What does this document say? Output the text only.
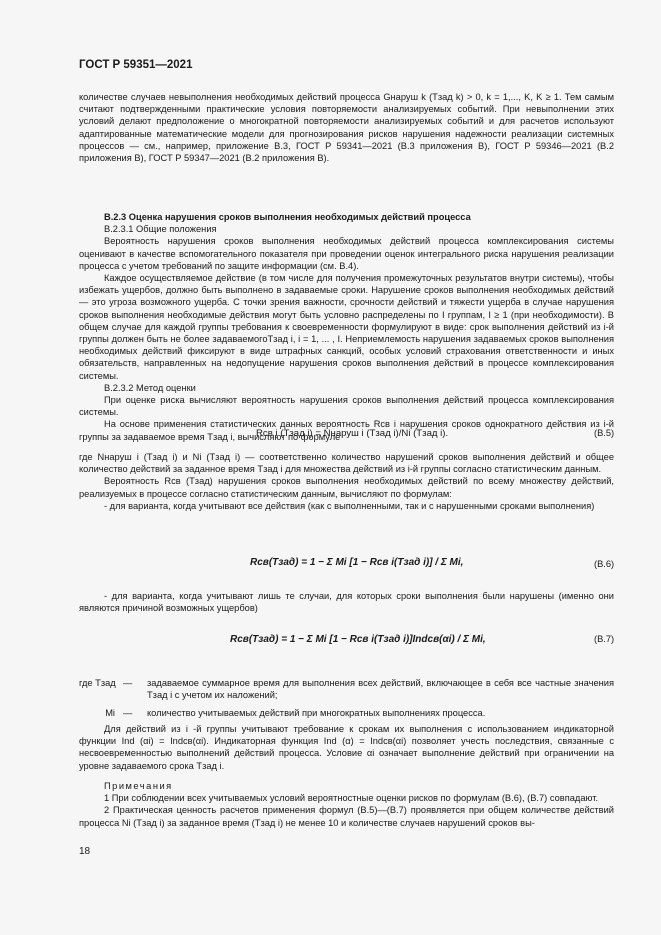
ГОСТ Р 59351—2021

количестве случаев невыполнения необходимых действий процесса Gнаруш k (Tзад k) > 0, k = 1,..., K, K ≥ 1. Тем самым считают подтвержденными практические условия повторяемости анализируемых событий. При невыполнении этих условий делают предположение о многократной повторяемости анализируемых событий и для расчетов используют адаптированные математические модели для прогнозирования рисков нарушения надежности реализации системных процессов — см., например, приложение В.3, ГОСТ Р 59341—2021 (В.3 приложения В), ГОСТ Р 59346—2021 (В.2 приложения В), ГОСТ Р 59347—2021 (В.2 приложения В).

В.2.3 Оценка нарушения сроков выполнения необходимых действий процесса

В.2.3.1 Общие положения

Вероятность нарушения сроков выполнения необходимых действий процесса комплексирования системы оценивают в качестве вспомогательного показателя при проведении оценок интегрального риска нарушения реализации процесса с учетом требований по защите информации (см. В.4).

Каждое осуществляемое действие (в том числе для получения промежуточных результатов внутри системы), чтобы избежать ущербов, должно быть выполнено в задаваемые сроки. Нарушение сроков выполнения необходимых действий — это угроза возможного ущерба. С точки зрения важности, срочности действий и тяжести ущерба в случае нарушения сроков выполнения необходимые действия могут быть условно распределены по I группам, I ≥ 1 (при необходимости). В общем случае для каждой группы требования к своевременности формулируют в виде: срок выполнения действий из i-й группы должен быть не более задаваемогоTзад i, i = 1, ... , I. Неприемлемость нарушения задаваемых сроков выполнения необходимых действий фиксируют в виде штрафных санкций, особых условий страхования ответственности и иных обязательств, направленных на недопущение нарушения сроков выполнения действий в процессе комплексирования системы.

В.2.3.2 Метод оценки

При оценке риска вычисляют вероятность нарушения сроков выполнения действий процесса комплексирования системы.

На основе применения статистических данных вероятность Rсв i нарушения сроков однократного действия из i-й группы за задаваемое время Tзад i, вычисляют по формуле

Rсв i (Tзад i) = Nнаруш i (Tзад i)/Ni (Tзад i).	(В.5)

где Nнаруш i (Tзад i) и Ni (Tзад i) — соответственно количество нарушений сроков выполнения действий и общее количество действий за заданное время Tзад i для множества действий из i-й группы согласно статистическим данным.

Вероятность Rсв (Tзад) нарушения сроков выполнения необходимых действий по всему множеству действий, реализуемых в процессе согласно статистическим данным, вычисляют по формулам:

- для варианта, когда учитывают все действия (как с выполненными, так и с нарушенными сроками выполнения)

Rсв(Tзад) = 1 − Σ Mi [1 − Rсв i(Tзад i)] / Σ Mi,	(В.6)

- для варианта, когда учитывают лишь те случаи, для которых сроки выполнения были нарушены (именно они являются причиной возможных ущербов)

Rсв(Tзад) = 1 − Σ Mi [1 − Rсв i(Tзад i)]Indсв(αi) / Σ Mi,	(В.7)
где Tзад —	задаваемое суммарное время для выполнения всех действий, включающее в себя все частные значения Tзад i с учетом их наложений;
Mi —	количество учитываемых действий при многократных выполнениях процесса.

Для действий из i -й группы учитывают требование к срокам их выполнения с использованием индикаторной функции Ind (αi) = Indсв(αi). Индикаторная функция Ind (α) = Indсв(αi) позволяет учесть последствия, связанные с несвоевременностью выполнений действий процесса. Условие αi означает выполнение действий при ограничении на уровне задаваемого срока Tзад i.

Примечания

1 При соблюдении всех учитываемых условий вероятностные оценки рисков по формулам (В.6), (В.7) совпадают.

2 Практическая ценность расчетов применения формул (В.5)—(В.7) проявляется при общем количестве действий процесса Ni (Tзад i) за заданное время (Tзад i) не менее 10 и количестве случаев нарушений сроков вы-

18
